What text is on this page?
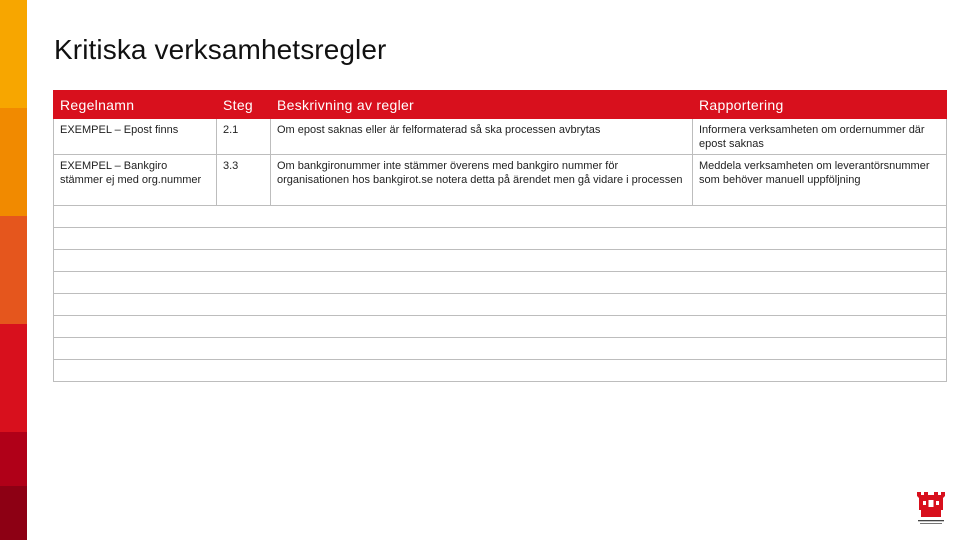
Kritiska verksamhetsregler
Regelnamn	Steg	Beskrivning av regler	Rapportering
EXEMPEL – Epost finns	2.1	Om epost saknas eller är felformaterad så ska processen avbrytas	Informera verksamheten om ordernummer där epost saknas
EXEMPEL – Bankgiro stämmer ej med org.nummer	3.3	Om bankgironummer inte stämmer överens med bankgiro nummer för organisationen hos bankgirot.se notera detta på ärendet men gå vidare i processen	Meddela verksamheten om leverantörsnummer som behöver manuell uppföljning
